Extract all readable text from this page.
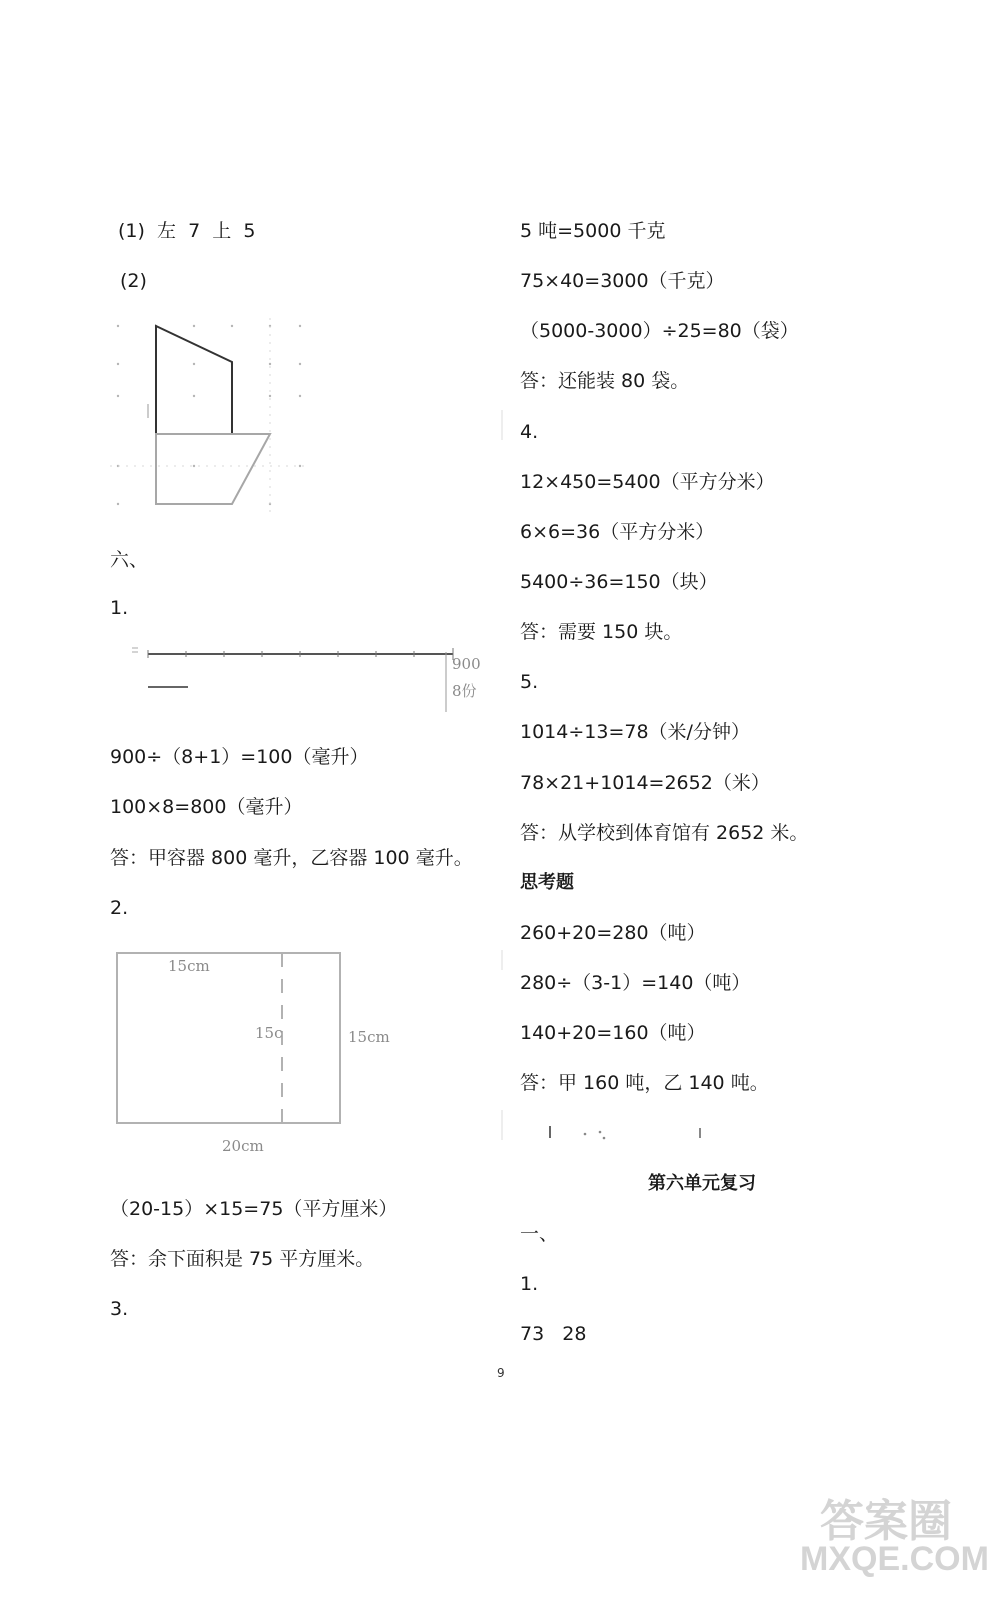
(1)  左  7  上  5
(2)
六、
1.
900
8份
900÷（8+1）=100（毫升）
100×8=800（毫升）
答：甲容器 800 毫升，乙容器 100 毫升。
2.
15cm
15c	15cm
20cm
（20-15）×15=75（平方厘米）
答：余下面积是 75 平方厘米。
3.
5 吨=5000 千克
75×40=3000（千克）
（5000-3000）÷25=80（袋）
答：还能装 80 袋。
4.
12×450=5400（平方分米）
6×6=36（平方分米）
5400÷36=150（块）
答：需要 150 块。
5.
1014÷13=78（米/分钟）
78×21+1014=2652（米）
答：从学校到体育馆有 2652 米。
思考题
260+20=280（吨）
280÷（3-1）=140（吨）
140+20=160（吨）
答：甲 160 吨，乙 140 吨。
第六单元复习
一、
1.
73   28
9
答案圈
MXQE.COM
